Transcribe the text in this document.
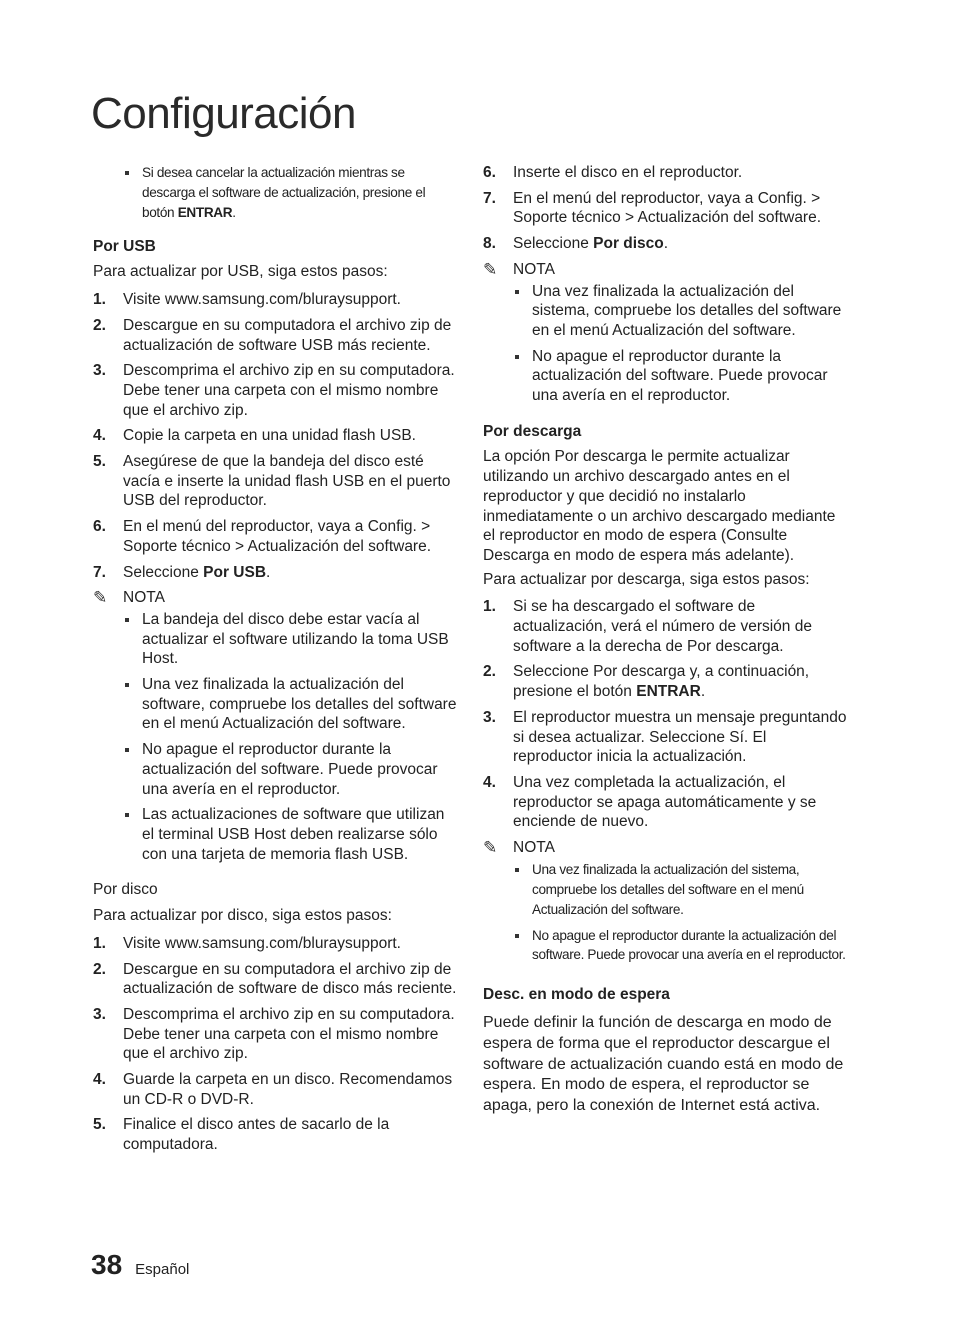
Configuración
Si desea cancelar la actualización mientras se descarga el software de actualización, presione el botón ENTRAR.
Por USB

Para actualizar por USB, siga estos pasos:

1. Visite www.samsung.com/bluraysupport.
2. Descargue en su computadora el archivo zip de actualización de software USB más reciente.
3. Descomprima el archivo zip en su computadora. Debe tener una carpeta con el mismo nombre que el archivo zip.
4. Copie la carpeta en una unidad flash USB.
5. Asegúrese de que la bandeja del disco esté vacía e inserte la unidad flash USB en el puerto USB del reproductor.
6. En el menú del reproductor, vaya a Config. > Soporte técnico > Actualización del software.
7. Seleccione Por USB.
✎ NOTA
La bandeja del disco debe estar vacía al actualizar el software utilizando la toma USB Host.
Una vez finalizada la actualización del software, compruebe los detalles del software en el menú Actualización del software.
No apague el reproductor durante la actualización del software. Puede provocar una avería en el reproductor.
Las actualizaciones de software que utilizan el terminal USB Host deben realizarse sólo con una tarjeta de memoria flash USB.
Por disco

Para actualizar por disco, siga estos pasos:

1. Visite www.samsung.com/bluraysupport.
2. Descargue en su computadora el archivo zip de actualización de software de disco más reciente.
3. Descomprima el archivo zip en su computadora. Debe tener una carpeta con el mismo nombre que el archivo zip.
4. Guarde la carpeta en un disco. Recomendamos un CD-R o DVD-R.
5. Finalice el disco antes de sacarlo de la computadora.
6. Inserte el disco en el reproductor.
7. En el menú del reproductor, vaya a Config. > Soporte técnico > Actualización del software.
8. Seleccione Por disco.
✎ NOTA
Una vez finalizada la actualización del sistema, compruebe los detalles del software en el menú Actualización del software.
No apague el reproductor durante la actualización del software. Puede provocar una avería en el reproductor.
Por descarga

La opción Por descarga le permite actualizar utilizando un archivo descargado antes en el reproductor y que decidió no instalarlo inmediatamente o un archivo descargado mediante el reproductor en modo de espera (Consulte Descarga en modo de espera más adelante).

Para actualizar por descarga, siga estos pasos:

1. Si se ha descargado el software de actualización, verá el número de versión de software a la derecha de Por descarga.
2. Seleccione Por descarga y, a continuación, presione el botón ENTRAR.
3. El reproductor muestra un mensaje preguntando si desea actualizar. Seleccione Sí. El reproductor inicia la actualización.
4. Una vez completada la actualización, el reproductor se apaga automáticamente y se enciende de nuevo.
✎ NOTA
Una vez finalizada la actualización del sistema, compruebe los detalles del software en el menú Actualización del software.
No apague el reproductor durante la actualización del software. Puede provocar una avería en el reproductor.
Desc. en modo de espera

Puede definir la función de descarga en modo de espera de forma que el reproductor descargue el software de actualización cuando está en modo de espera. En modo de espera, el reproductor se apaga, pero la conexión de Internet está activa.

38 Español
